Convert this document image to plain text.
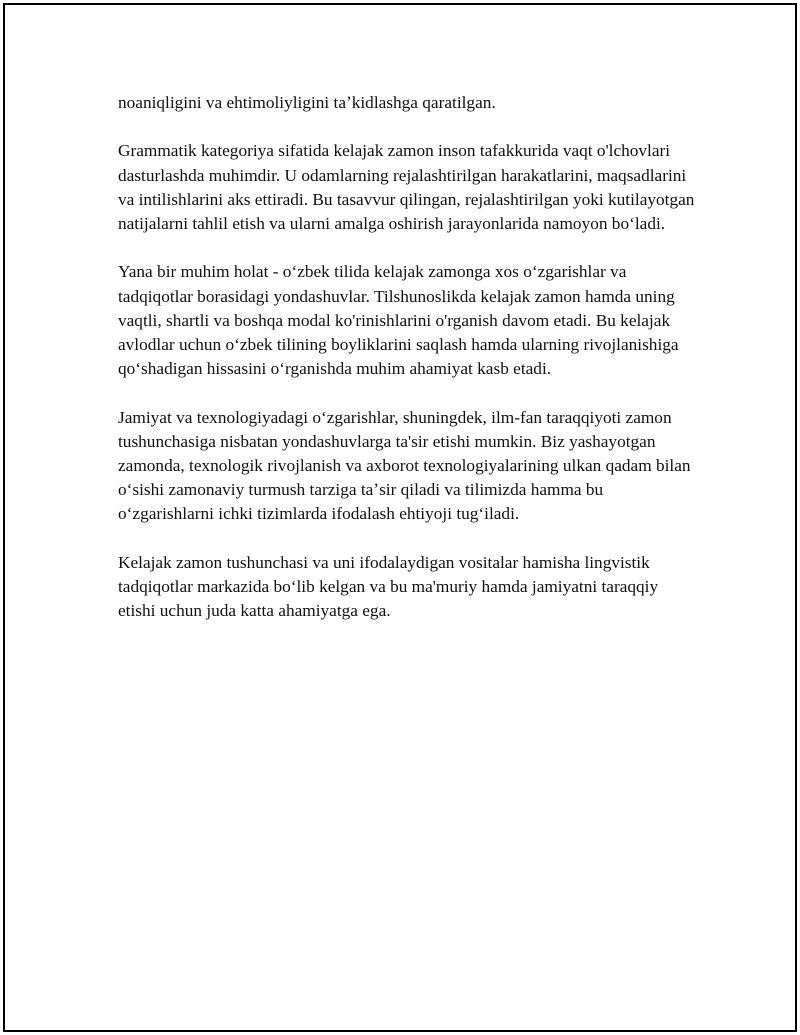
noaniqligini va ehtimoliyligini taʼkidlashga qaratilgan.

Grammatik kategoriya sifatida kelajak zamon inson tafakkurida vaqt o'lchovlari dasturlashda muhimdir. U odamlarning rejalashtirilgan harakatlarini, maqsadlarini va intilishlarini aks ettiradi. Bu tasavvur qilingan, rejalashtirilgan yoki kutilayotgan natijalarni tahlil etish va ularni amalga oshirish jarayonlarida namoyon boʻladi.

Yana bir muhim holat - oʻzbek tilida kelajak zamonga xos oʻzgarishlar va tadqiqotlar borasidagi yondashuvlar. Tilshunoslikda kelajak zamon hamda uning vaqtli, shartli va boshqa modal ko'rinishlarini o'rganish davom etadi. Bu kelajak avlodlar uchun oʻzbek tilining boyliklarini saqlash hamda ularning rivojlanishiga qoʻshadigan hissasini oʻrganishda muhim ahamiyat kasb etadi.

Jamiyat va texnologiyadagi oʻzgarishlar, shuningdek, ilm-fan taraqqiyoti zamon tushunchasiga nisbatan yondashuvlarga ta'sir etishi mumkin. Biz yashayotgan zamonda, texnologik rivojlanish va axborot texnologiyalarining ulkan qadam bilan oʻsishi zamonaviy turmush tarziga taʼsir qiladi va tilimizda hamma bu oʻzgarishlarni ichki tizimlarda ifodalash ehtiyoji tugʻiladi.

Kelajak zamon tushunchasi va uni ifodalaydigan vositalar hamisha lingvistik tadqiqotlar markazida boʻlib kelgan va bu ma'muriy hamda jamiyatni taraqqiy etishi uchun juda katta ahamiyatga ega.
